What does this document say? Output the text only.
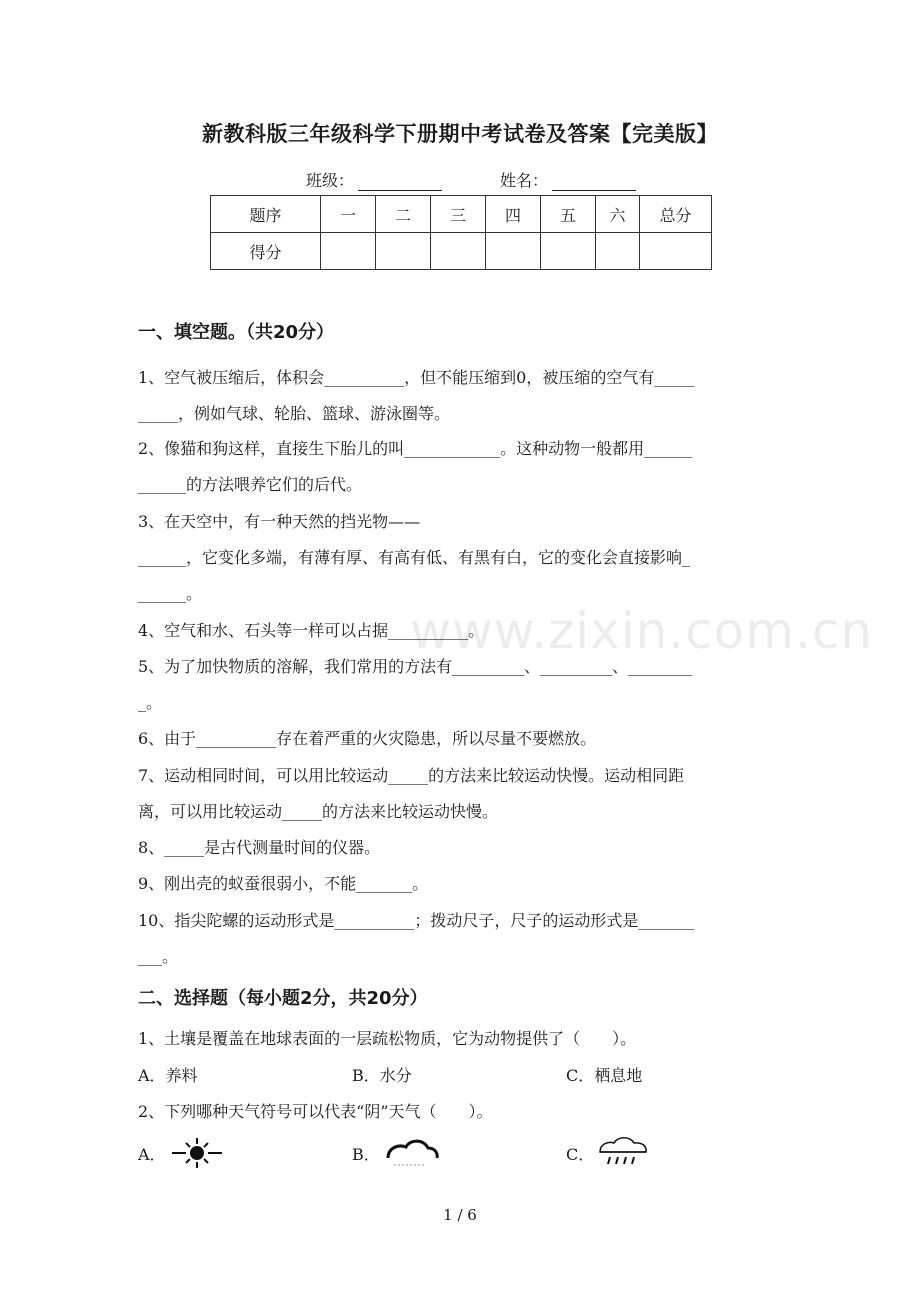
新教科版三年级科学下册期中考试卷及答案【完美版】
班级：	姓名：
题序	一	二	三	四	五	六	总分
得分							
一、填空题。（共20分）
1、空气被压缩后，体积会__________，但不能压缩到0，被压缩的空气有_____
_____，例如气球、轮胎、篮球、游泳圈等。
2、像猫和狗这样，直接生下胎儿的叫____________。这种动物一般都用______
______的方法喂养它们的后代。
3、在天空中，有一种天然的挡光物——
______，它变化多端，有薄有厚、有高有低、有黑有白，它的变化会直接影响_
______。
4、空气和水、石头等一样可以占据__________。
5、为了加快物质的溶解，我们常用的方法有_________、_________、________
_。
6、由于__________存在着严重的火灾隐患，所以尽量不要燃放。
7、运动相同时间，可以用比较运动_____的方法来比较运动快慢。运动相同距
离，可以用比较运动_____的方法来比较运动快慢。
8、_____是古代测量时间的仪器。
9、刚出壳的蚁蚕很弱小，不能_______。
10、指尖陀螺的运动形式是__________；拨动尺子，尺子的运动形式是_______
___。
www.zixin.com.cn
二、选择题（每小题2分，共20分）
1、土壤是覆盖在地球表面的一层疏松物质，它为动物提供了（　　）。
A．养料	B．水分	C．栖息地
2、下列哪种天气符号可以代表“阴”天气（　　）。
A．	B．	C．
1 / 6
